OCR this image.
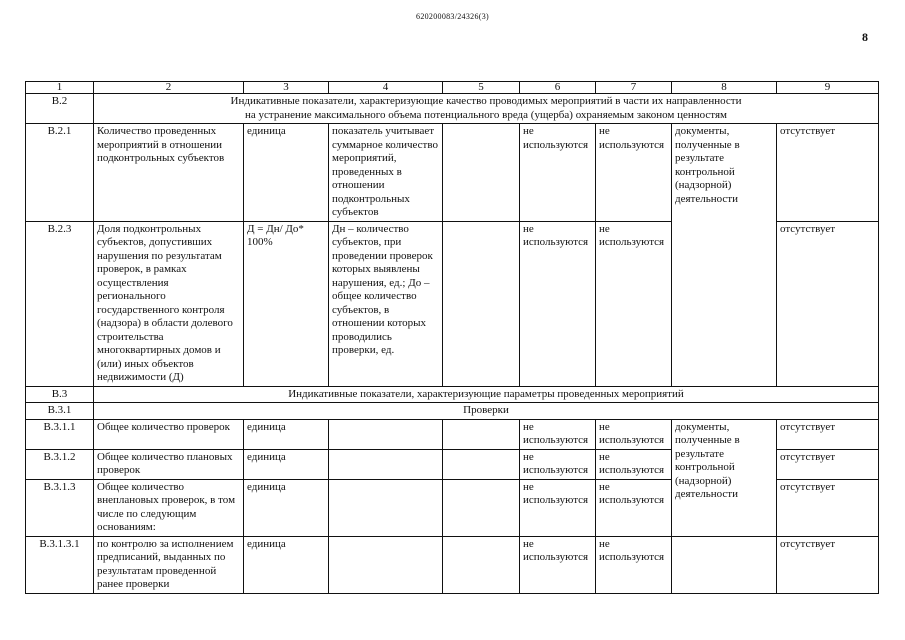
620200083/24326(3)
8
1	2	3	4	5	6	7	8	9
В.2	Индикативные показатели, характеризующие качество проводимых мероприятий в части их направленности
на устранение максимального объема потенциального вреда (ущерба) охраняемым законом ценностям							

В.2.1	Количество проведенных мероприятий в отношении подконтрольных субъектов	единица	показатель учитывает суммарное количество мероприятий, проведенных в отношении подконтрольных субъектов		не используются	не используются	документы, полученные в результате контрольной (надзорной) деятельности	отсутствует
В.2.3	Доля подконтрольных субъектов, допустивших нарушения по результатам проверок, в рамках осуществления регионального государственного контроля (надзора) в области долевого строительства многоквартирных домов и (или) иных объектов недвижимости (Д)	Д = Дн/ До* 100%	Дн – количество субъектов, при проведении проверок которых выявлены нарушения, ед.; До – общее количество субъектов, в отношении которых проводились проверки, ед.		не используются	не используются		отсутствует
В.3	Индикативные показатели, характеризующие параметры проведенных мероприятий							
В.3.1	Проверки							
В.3.1.1	Общее количество проверок	единица			не используются	не используются	документы, полученные в результате контрольной (надзорной) деятельности	отсутствует
В.3.1.2	Общее количество плановых проверок	единица			не используются	не используются		отсутствует
В.3.1.3	Общее количество внеплановых проверок, в том числе по следующим основаниям:	единица			не используются	не используются		отсутствует
В.3.1.3.1	по контролю за исполнением предписаний, выданных по результатам проведенной ранее проверки	единица			не используются	не используются		отсутствует
